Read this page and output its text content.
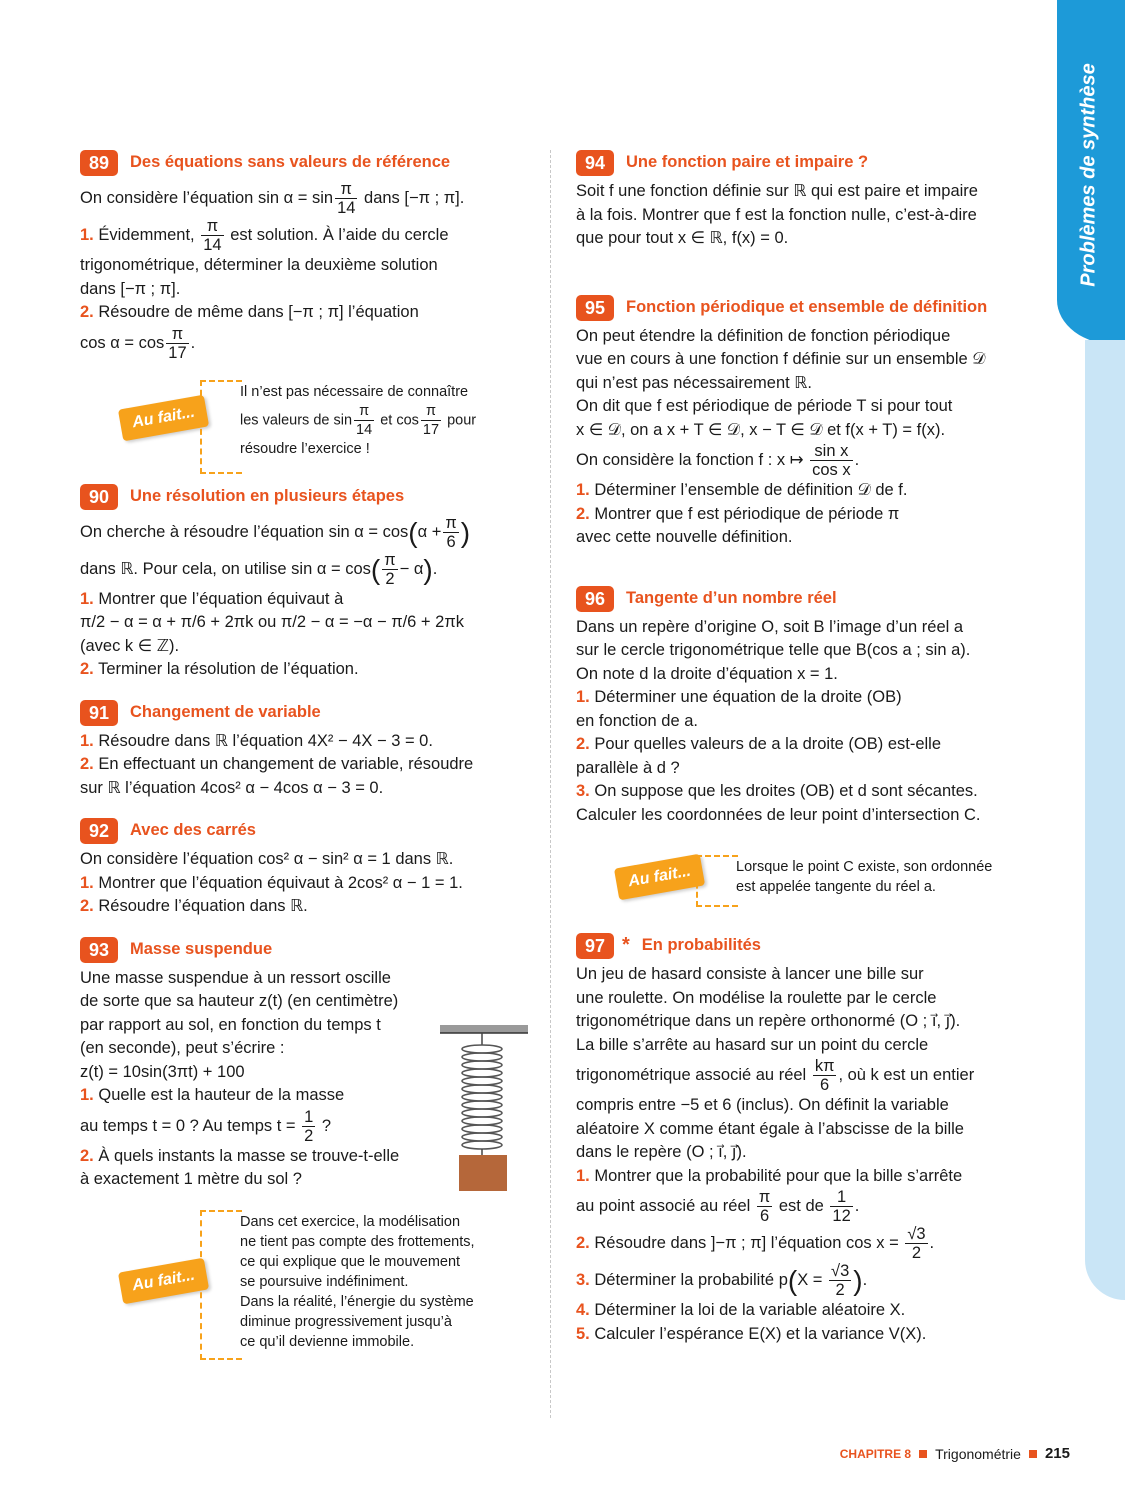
Problèmes de synthèse
89	Des équations sans valeurs de référence

On considère l’équation $\sin \alpha = \sin \frac{\pi}{14}$ dans [−π ; π].

1. Évidemment, $\frac{\pi}{14}$ est solution. À l’aide du cercle

trigonométrique, déterminer la deuxième solution

dans [−π ; π].

2. Résoudre de même dans [−π ; π] l’équation

$\cos \alpha = \cos \frac{\pi}{17}$ .

Au fait...
Il n’est pas nécessaire de connaître
les valeurs de $\sin \frac{\pi}{14}$ et $\cos \frac{\pi}{17}$ pour
résoudre l’exercice !
90	Une résolution en plusieurs étapes

On cherche à résoudre l’équation $\sin \alpha = \cos(\alpha + \frac{\pi}{6}$ )

dans ℝ. Pour cela, on utilise $\sin \alpha = \cos( \frac{\pi}{2} - \alpha)$.

1. Montrer que l’équation équivaut à

π/2 − α = α + π/6 + 2πk ou π/2 − α = −α − π/6 + 2πk

(avec k ∈ ℤ).

2. Terminer la résolution de l’équation.

91	Changement de variable

1. Résoudre dans ℝ l’équation 4X² − 4X − 3 = 0.

2. En effectuant un changement de variable, résoudre

sur ℝ l’équation 4cos² α − 4cos α − 3 = 0.

92	Avec des carrés

On considère l’équation cos² α − sin² α = 1 dans ℝ.

1. Montrer que l’équation équivaut à 2cos² α − 1 = 1.

2. Résoudre l’équation dans ℝ.

93	Masse suspendue

Une masse suspendue à un ressort oscille

de sorte que sa hauteur z(t) (en centimètre)

par rapport au sol, en fonction du temps t

(en seconde), peut s’écrire :

z(t) = 10sin(3πt) + 100

1. Quelle est la hauteur de la masse

au temps t = 0 ? Au temps $t = \frac{1}{2}$ ?

2. À quels instants la masse se trouve-t-elle

à exactement 1 mètre du sol ?

Au fait...
Dans cet exercice, la modélisation
ne tient pas compte des frottements,
ce qui explique que le mouvement
se poursuive indéfiniment.
Dans la réalité, l’énergie du système
diminue progressivement jusqu’à
ce qu’il devienne immobile.
94	Une fonction paire et impaire ?

Soit f une fonction définie sur ℝ qui est paire et impaire

à la fois. Montrer que f est la fonction nulle, c’est-à-dire

que pour tout x ∈ ℝ, f(x) = 0.

95	Fonction périodique et ensemble de définition

On peut étendre la définition de fonction périodique

vue en cours à une fonction f définie sur un ensemble 𝒟

qui n’est pas nécessairement ℝ.

On dit que f est périodique de période T si pour tout

x ∈ 𝒟, on a x + T ∈ 𝒟, x − T ∈ 𝒟 et f(x + T) = f(x).

On considère la fonction f : x ↦ $\frac{\text{sin x}}{\text{cos x}}$ .

1. Déterminer l’ensemble de définition 𝒟 de f.

2. Montrer que f est périodique de période π

avec cette nouvelle définition.

96	Tangente d’un nombre réel

Dans un repère d’origine O, soit B l’image d’un réel a

sur le cercle trigonométrique telle que B(cos a ; sin a).

On note d la droite d’équation x = 1.

1. Déterminer une équation de la droite (OB)

en fonction de a.

2. Pour quelles valeurs de a la droite (OB) est-elle

parallèle à d ?

3. On suppose que les droites (OB) et d sont sécantes.

Calculer les coordonnées de leur point d’intersection C.

Au fait...	Lorsque le point C existe, son ordonnée
est appelée tangente du réel a.
97 * En probabilités

Un jeu de hasard consiste à lancer une bille sur

une roulette. On modélise la roulette par le cercle

trigonométrique dans un repère orthonormé (O ; i⃗, j⃗).

La bille s’arrête au hasard sur un point du cercle

trigonométrique associé au réel $\frac{k\pi}{6}$ , où k est un entier

compris entre −5 et 6 (inclus). On définit la variable

aléatoire X comme étant égale à l’abscisse de la bille

dans le repère (O ; i⃗, j⃗).

1. Montrer que la probabilité pour que la bille s’arrête

au point associé au réel $\frac{\pi}{6}$ est de $\frac{1}{12}$ .

2. Résoudre dans ]−π ; π] l’équation $\cos x = \frac{√3}{2}$ .

3. Déterminer la probabilité $p(X = \frac{√3}{2}$ ).

4. Déterminer la loi de la variable aléatoire X.

5. Calculer l’espérance E(X) et la variance V(X).

CHAPITRE 8 Trigonométrie 215
